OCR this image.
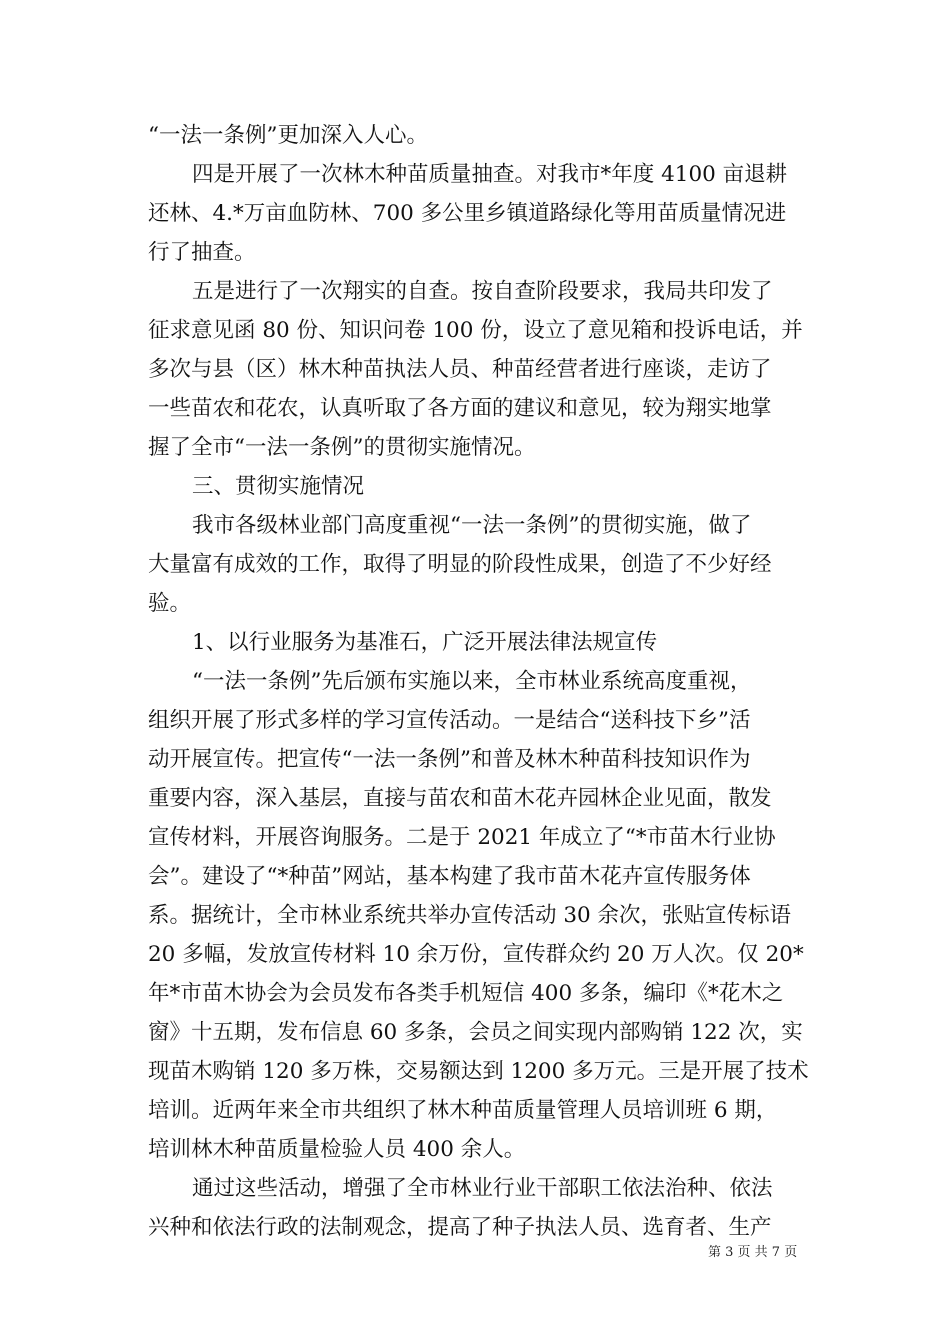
“一法一条例”更加深入人心。
四是开展了一次林木种苗质量抽查。对我市*年度 4100 亩退耕
还林、4.*万亩血防林、700 多公里乡镇道路绿化等用苗质量情况进
行了抽查。
五是进行了一次翔实的自查。按自查阶段要求，我局共印发了
征求意见函 80 份、知识问卷 100 份，设立了意见箱和投诉电话，并
多次与县（区）林木种苗执法人员、种苗经营者进行座谈，走访了
一些苗农和花农，认真听取了各方面的建议和意见，较为翔实地掌
握了全市“一法一条例”的贯彻实施情况。
三、贯彻实施情况
我市各级林业部门高度重视“一法一条例”的贯彻实施，做了
大量富有成效的工作，取得了明显的阶段性成果，创造了不少好经
验。
1、以行业服务为基准石，广泛开展法律法规宣传
“一法一条例”先后颁布实施以来，全市林业系统高度重视，
组织开展了形式多样的学习宣传活动。一是结合“送科技下乡”活
动开展宣传。把宣传“一法一条例”和普及林木种苗科技知识作为
重要内容，深入基层，直接与苗农和苗木花卉园林企业见面，散发
宣传材料，开展咨询服务。二是于 2021 年成立了“*市苗木行业协
会”。建设了“*种苗”网站，基本构建了我市苗木花卉宣传服务体
系。据统计，全市林业系统共举办宣传活动 30 余次，张贴宣传标语
20 多幅，发放宣传材料 10 余万份，宣传群众约 20 万人次。仅 20*
年*市苗木协会为会员发布各类手机短信 400 多条，编印《*花木之
窗》十五期，发布信息 60 多条，会员之间实现内部购销 122 次，实
现苗木购销 120 多万株，交易额达到 1200 多万元。三是开展了技术
培训。近两年来全市共组织了林木种苗质量管理人员培训班 6 期，
培训林木种苗质量检验人员 400 余人。
通过这些活动，增强了全市林业行业干部职工依法治种、依法
兴种和依法行政的法制观念，提高了种子执法人员、选育者、生产
第 3 页 共 7 页
